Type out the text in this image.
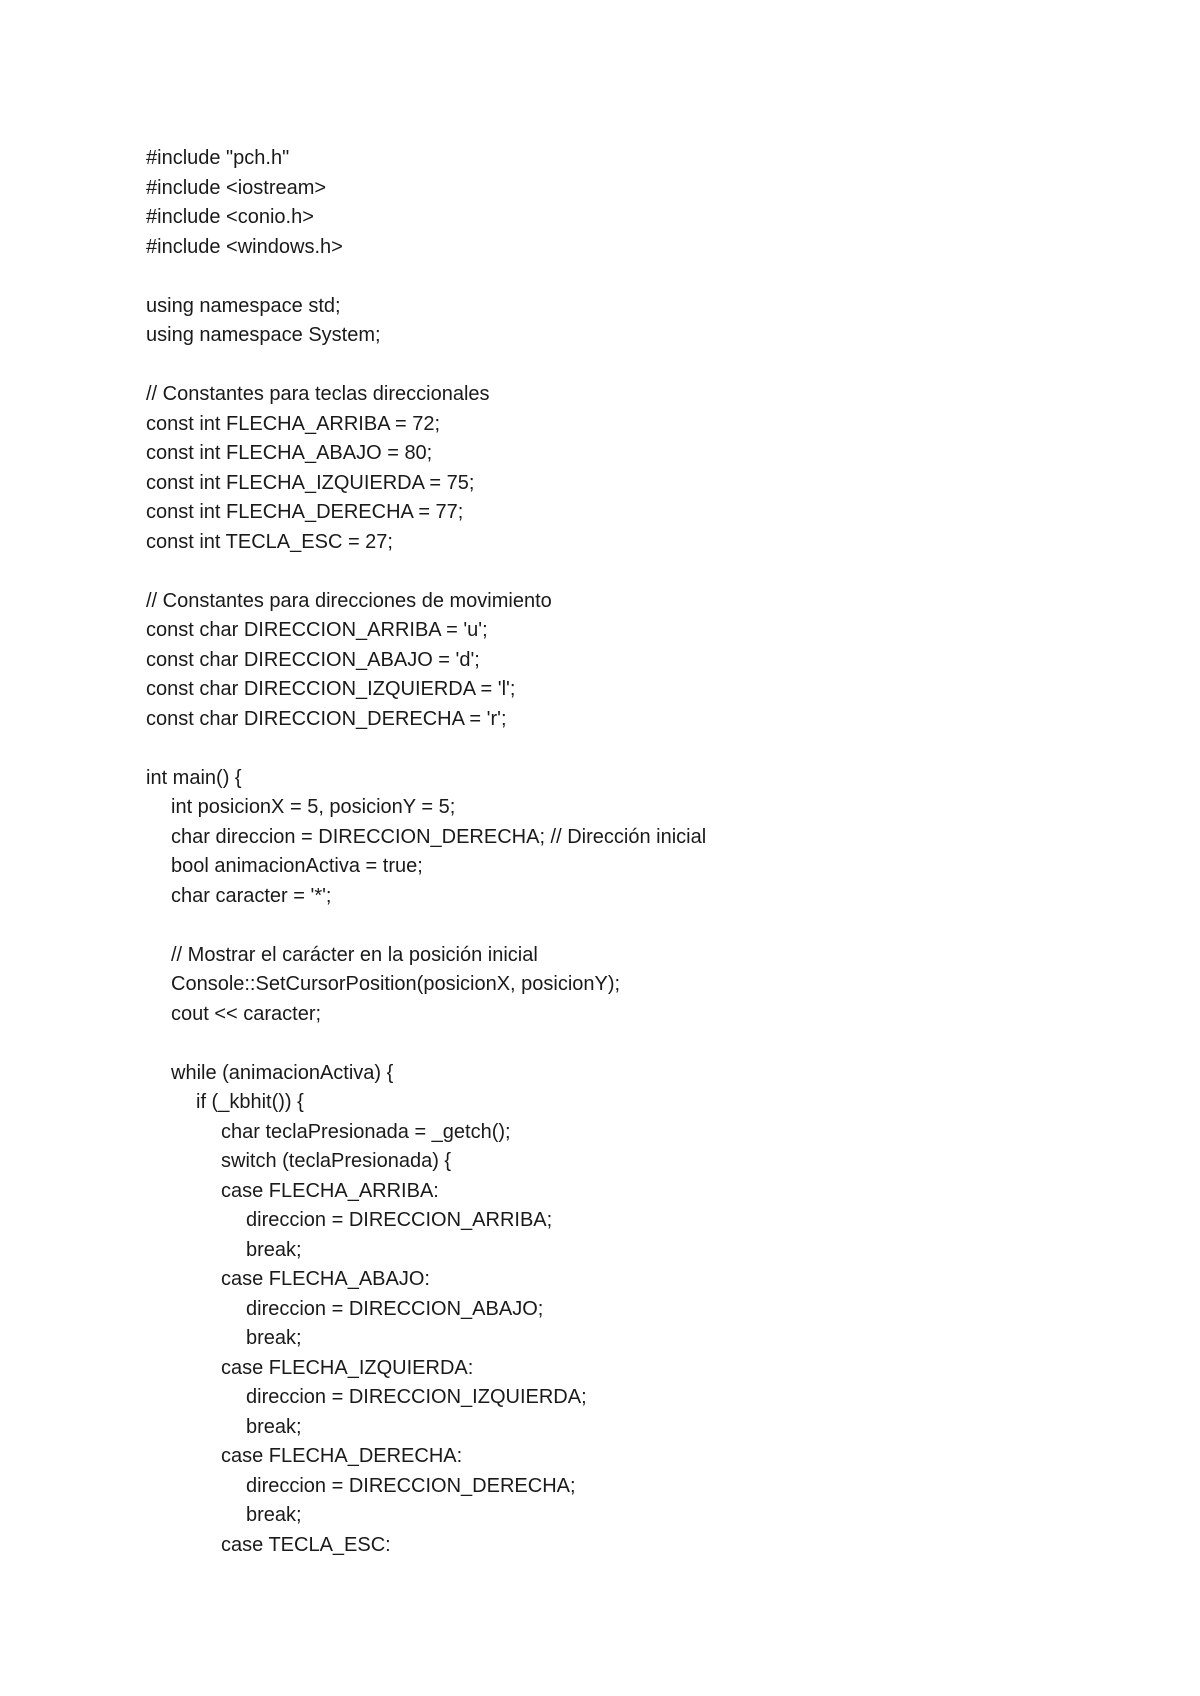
#include "pch.h"
#include <iostream>
#include <conio.h>
#include <windows.h>
using namespace std;
using namespace System;
// Constantes para teclas direccionales
const int FLECHA_ARRIBA = 72;
const int FLECHA_ABAJO = 80;
const int FLECHA_IZQUIERDA = 75;
const int FLECHA_DERECHA = 77;
const int TECLA_ESC = 27;
// Constantes para direcciones de movimiento
const char DIRECCION_ARRIBA = 'u';
const char DIRECCION_ABAJO = 'd';
const char DIRECCION_IZQUIERDA = 'l';
const char DIRECCION_DERECHA = 'r';
int main() {
int posicionX = 5, posicionY = 5;
char direccion = DIRECCION_DERECHA; // Dirección inicial
bool animacionActiva = true;
char caracter = '*';
// Mostrar el carácter en la posición inicial
Console::SetCursorPosition(posicionX, posicionY);
cout << caracter;
while (animacionActiva) {
if (_kbhit()) {
char teclaPresionada = _getch();
switch (teclaPresionada) {
case FLECHA_ARRIBA:
direccion = DIRECCION_ARRIBA;
break;
case FLECHA_ABAJO:
direccion = DIRECCION_ABAJO;
break;
case FLECHA_IZQUIERDA:
direccion = DIRECCION_IZQUIERDA;
break;
case FLECHA_DERECHA:
direccion = DIRECCION_DERECHA;
break;
case TECLA_ESC:
